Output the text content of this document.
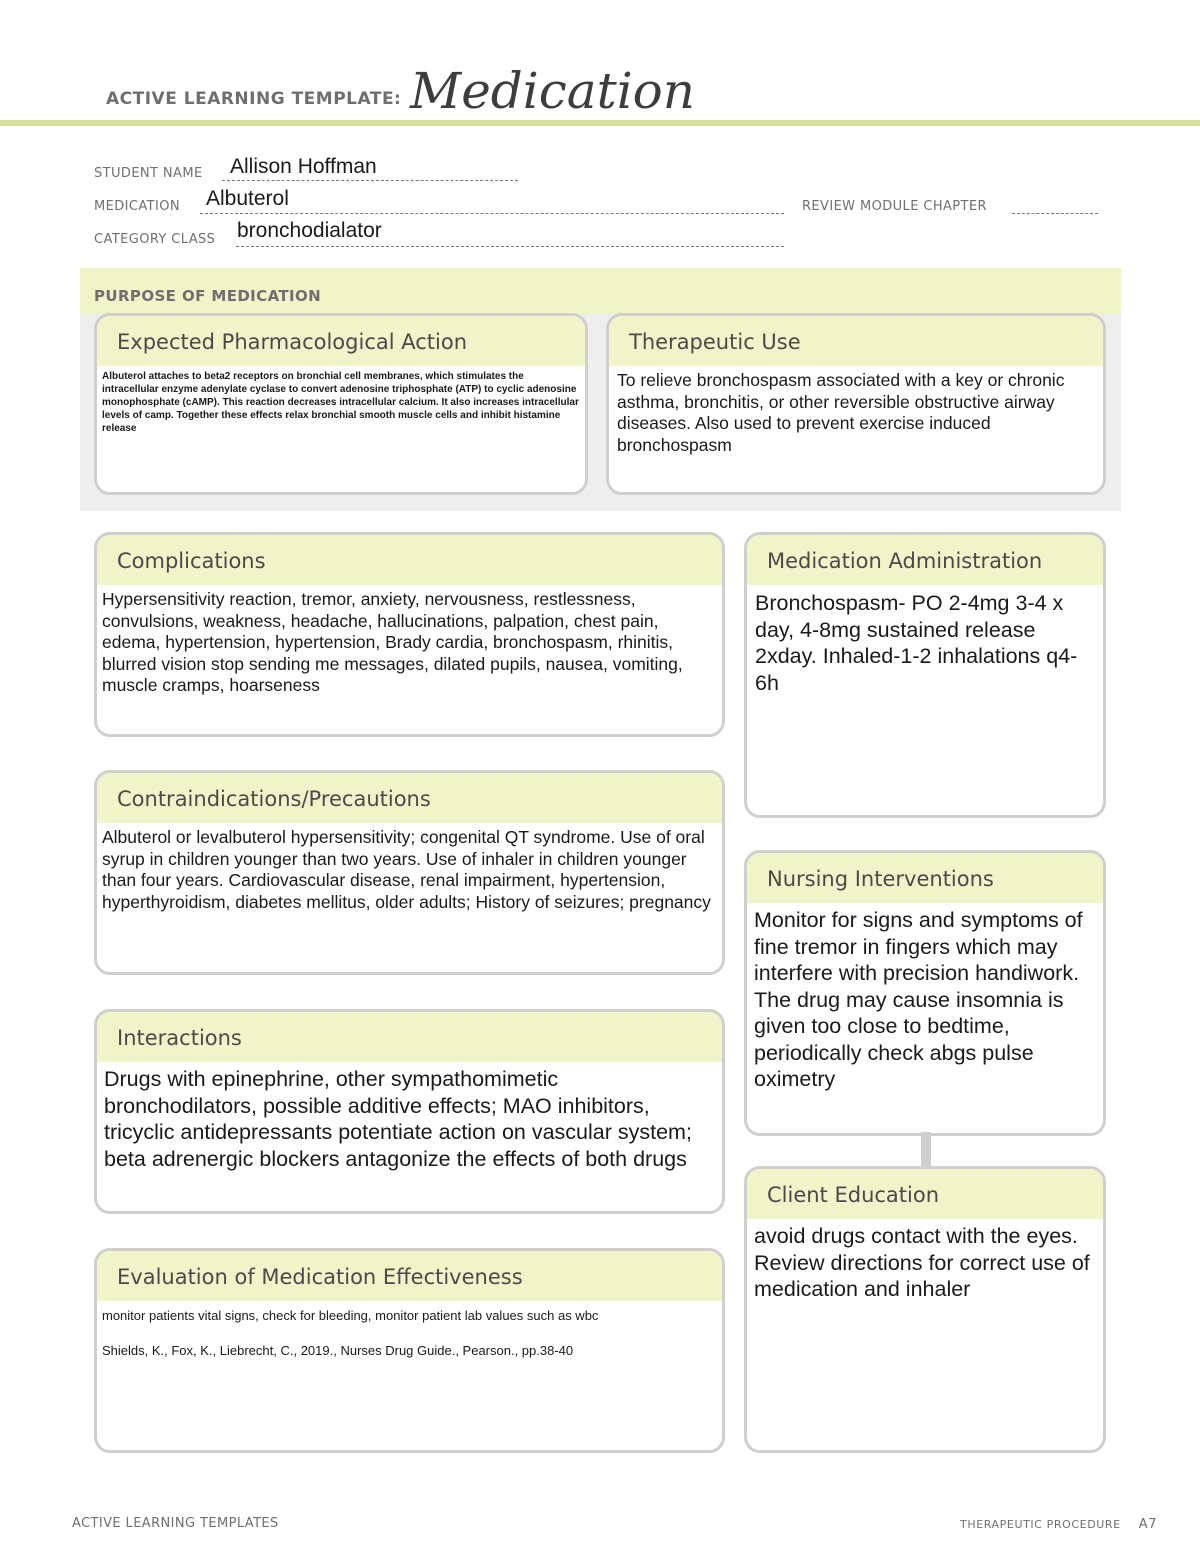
ACTIVE LEARNING TEMPLATE: Medication
STUDENT NAME Allison Hoffman
MEDICATION Albuterol	REVIEW MODULE CHAPTER
CATEGORY CLASS bronchodialator
PURPOSE OF MEDICATION
Expected Pharmacological Action
Albuterol attaches to beta2 receptors on bronchial cell membranes, which stimulates the intracellular enzyme adenylate cyclase to convert adenosine triphosphate (ATP) to cyclic adenosine monophosphate (cAMP). This reaction decreases intracellular calcium. It also increases intracellular levels of camp. Together these effects relax bronchial smooth muscle cells and inhibit histamine release
Therapeutic Use
To relieve bronchospasm associated with a key or chronic asthma, bronchitis, or other reversible obstructive airway diseases. Also used to prevent exercise induced bronchospasm
Complications
Hypersensitivity reaction, tremor, anxiety, nervousness, restlessness, convulsions, weakness, headache, hallucinations, palpation, chest pain, edema, hypertension, hypertension, Brady cardia, bronchospasm, rhinitis, blurred vision stop sending me messages, dilated pupils, nausea, vomiting, muscle cramps, hoarseness
Contraindications/Precautions
Albuterol or levalbuterol hypersensitivity; congenital QT syndrome. Use of oral syrup in children younger than two years. Use of inhaler in children younger than four years. Cardiovascular disease, renal impairment, hypertension, hyperthyroidism, diabetes mellitus, older adults; History of seizures; pregnancy
Interactions
Drugs with epinephrine, other sympathomimetic bronchodilators, possible additive effects; MAO inhibitors, tricyclic antidepressants potentiate action on vascular system; beta adrenergic blockers antagonize the effects of both drugs
Evaluation of Medication Effectiveness
monitor patients vital signs, check for bleeding, monitor patient lab values such as wbc
Shields, K., Fox, K., Liebrecht, C., 2019., Nurses Drug Guide., Pearson., pp.38-40
Medication Administration
Bronchospasm- PO 2-4mg 3-4 x day, 4-8mg sustained release 2xday. Inhaled-1-2 inhalations q4-6h
Nursing Interventions
Monitor for signs and symptoms of fine tremor in fingers which may interfere with precision handiwork. The drug may cause insomnia is given too close to bedtime, periodically check abgs pulse oximetry
Client Education
avoid drugs contact with the eyes. Review directions for correct use of medication and inhaler
ACTIVE LEARNING TEMPLATES	THERAPEUTIC PROCEDURE A7
